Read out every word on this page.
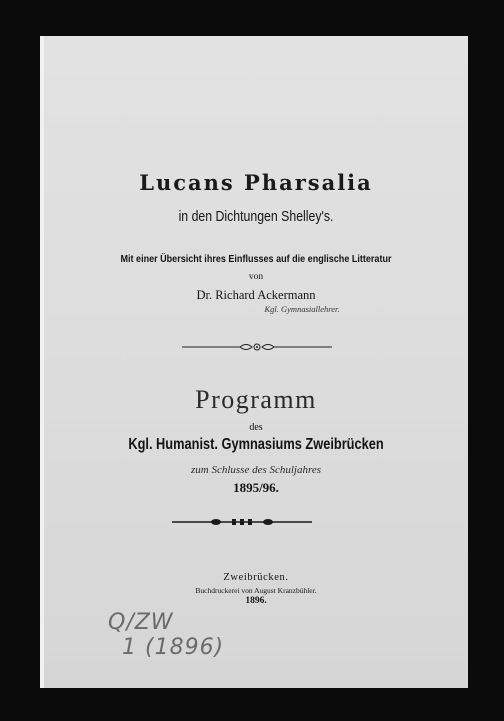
Lucans Pharsalia
in den Dichtungen Shelley's.
Mit einer Übersicht ihres Einflusses auf die englische Litteratur
von
Dr. Richard Ackermann
Kgl. Gymnasiallehrer.
Programm
des
Kgl. Humanist. Gymnasiums Zweibrücken
zum Schlusse des Schuljahres
1895/96.
Zweibrücken.
Buchdruckerei von August Kranzbühler.
1896.
Q/ZW
1 (1896)
